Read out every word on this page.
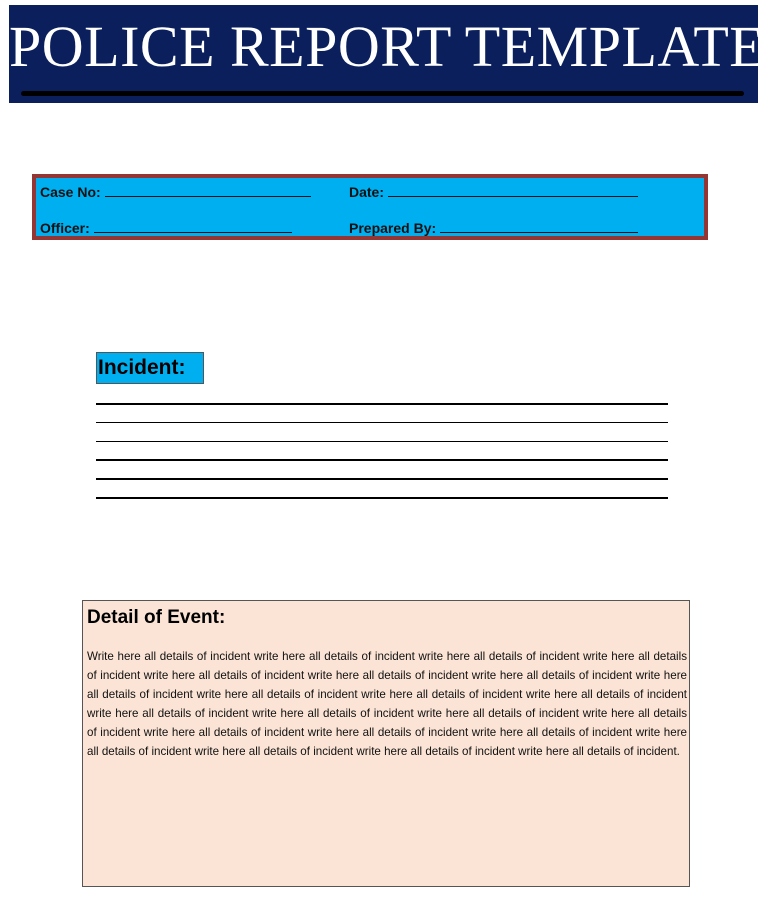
POLICE REPORT TEMPLATE
Case No:	Date:
Officer:	Prepared By:
Incident:
Detail of Event:
Write here all details of incident write here all details of incident write here all details of incident write here all details of incident write here all details of incident write here all details of incident write here all details of incident write here all details of incident write here all details of incident write here all details of incident write here all details of incident write here all details of incident write here all details of incident write here all details of incident write here all details of incident write here all details of incident write here all details of incident write here all details of incident write here all details of incident write here all details of incident write here all details of incident write here all details of incident.
